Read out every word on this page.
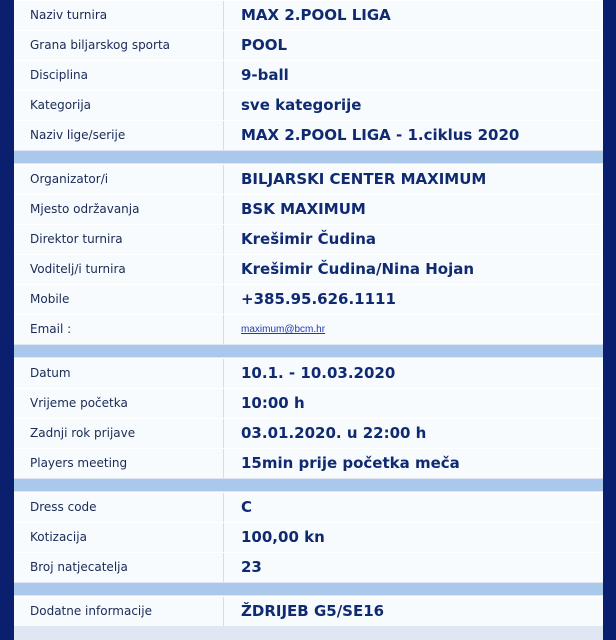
Naziv turnira	MAX 2.POOL LIGA
Grana biljarskog sporta	POOL
Disciplina	9-ball
Kategorija	sve kategorije
Naziv lige/serije	MAX 2.POOL LIGA - 1.ciklus 2020
Organizator/i	BILJARSKI CENTER MAXIMUM
Mjesto održavanja	BSK MAXIMUM
Direktor turnira	Krešimir Čudina
Voditelj/i turnira	Krešimir Čudina/Nina Hojan
Mobile	+385.95.626.1111
Email :	maximum@bcm.hr
Datum	10.1. - 10.03.2020
Vrijeme početka	10:00 h
Zadnji rok prijave	03.01.2020. u 22:00 h
Players meeting	15min prije početka meča
Dress code	C
Kotizacija	100,00 kn
Broj natjecatelja	23
Dodatne informacije	ŽDRIJEB G5/SE16
